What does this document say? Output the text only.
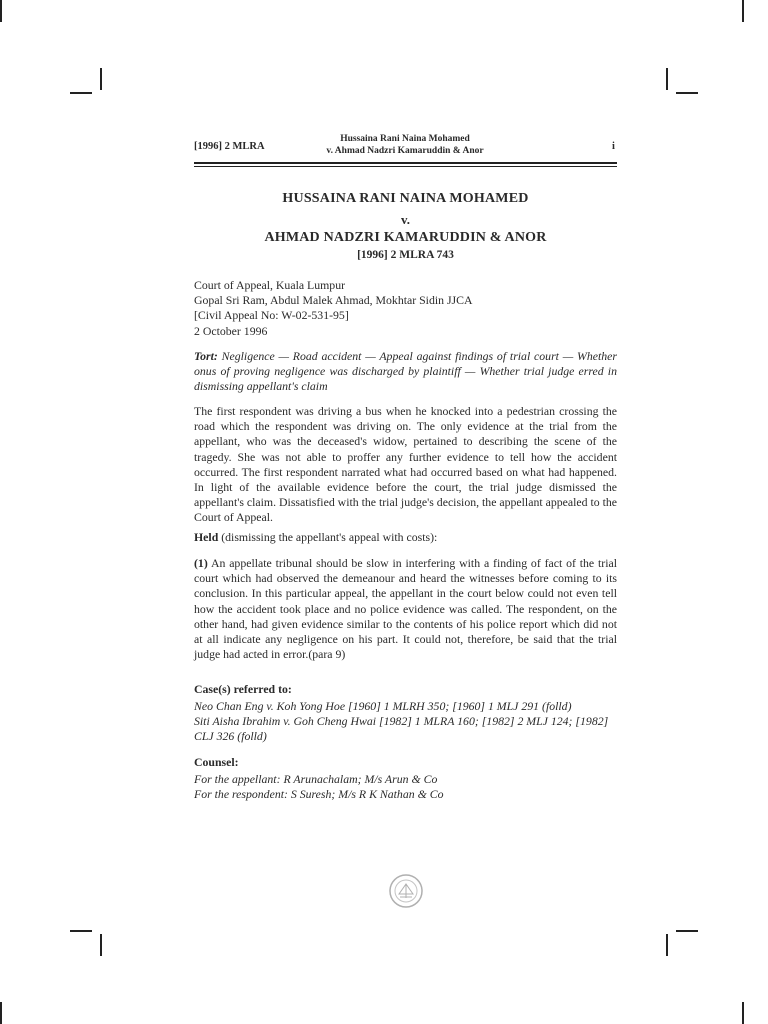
[1996] 2 MLRA
Hussaina Rani Naina Mohamed
v. Ahmad Nadzri Kamaruddin & Anor	i
HUSSAINA RANI NAINA MOHAMED
v.
AHMAD NADZRI KAMARUDDIN & ANOR
[1996] 2 MLRA 743
Court of Appeal, Kuala Lumpur
Gopal Sri Ram, Abdul Malek Ahmad, Mokhtar Sidin JJCA
[Civil Appeal No: W-02-531-95]
2 October 1996
Tort: Negligence — Road accident — Appeal against findings of trial court — Whether onus of proving negligence was discharged by plaintiff — Whether trial judge erred in dismissing appellant's claim
The first respondent was driving a bus when he knocked into a pedestrian crossing the road which the respondent was driving on. The only evidence at the trial from the appellant, who was the deceased's widow, pertained to describing the scene of the tragedy. She was not able to proffer any further evidence to tell how the accident occurred. The first respondent narrated what had occurred based on what had happened. In light of the available evidence before the court, the trial judge dismissed the appellant's claim. Dissatisfied with the trial judge's decision, the appellant appealed to the Court of Appeal.
Held (dismissing the appellant's appeal with costs):
(1) An appellate tribunal should be slow in interfering with a finding of fact of the trial court which had observed the demeanour and heard the witnesses before coming to its conclusion. In this particular appeal, the appellant in the court below could not even tell how the accident took place and no police evidence was called. The respondent, on the other hand, had given evidence similar to the contents of his police report which did not at all indicate any negligence on his part. It could not, therefore, be said that the trial judge had acted in error.(para 9)
Case(s) referred to:
Neo Chan Eng v. Koh Yong Hoe [1960] 1 MLRH 350; [1960] 1 MLJ 291 (folld)
Siti Aisha Ibrahim v. Goh Cheng Hwai [1982] 1 MLRA 160; [1982] 2 MLJ 124; [1982] CLJ 326 (folld)
Counsel:
For the appellant: R Arunachalam; M/s Arun & Co
For the respondent: S Suresh; M/s R K Nathan & Co
